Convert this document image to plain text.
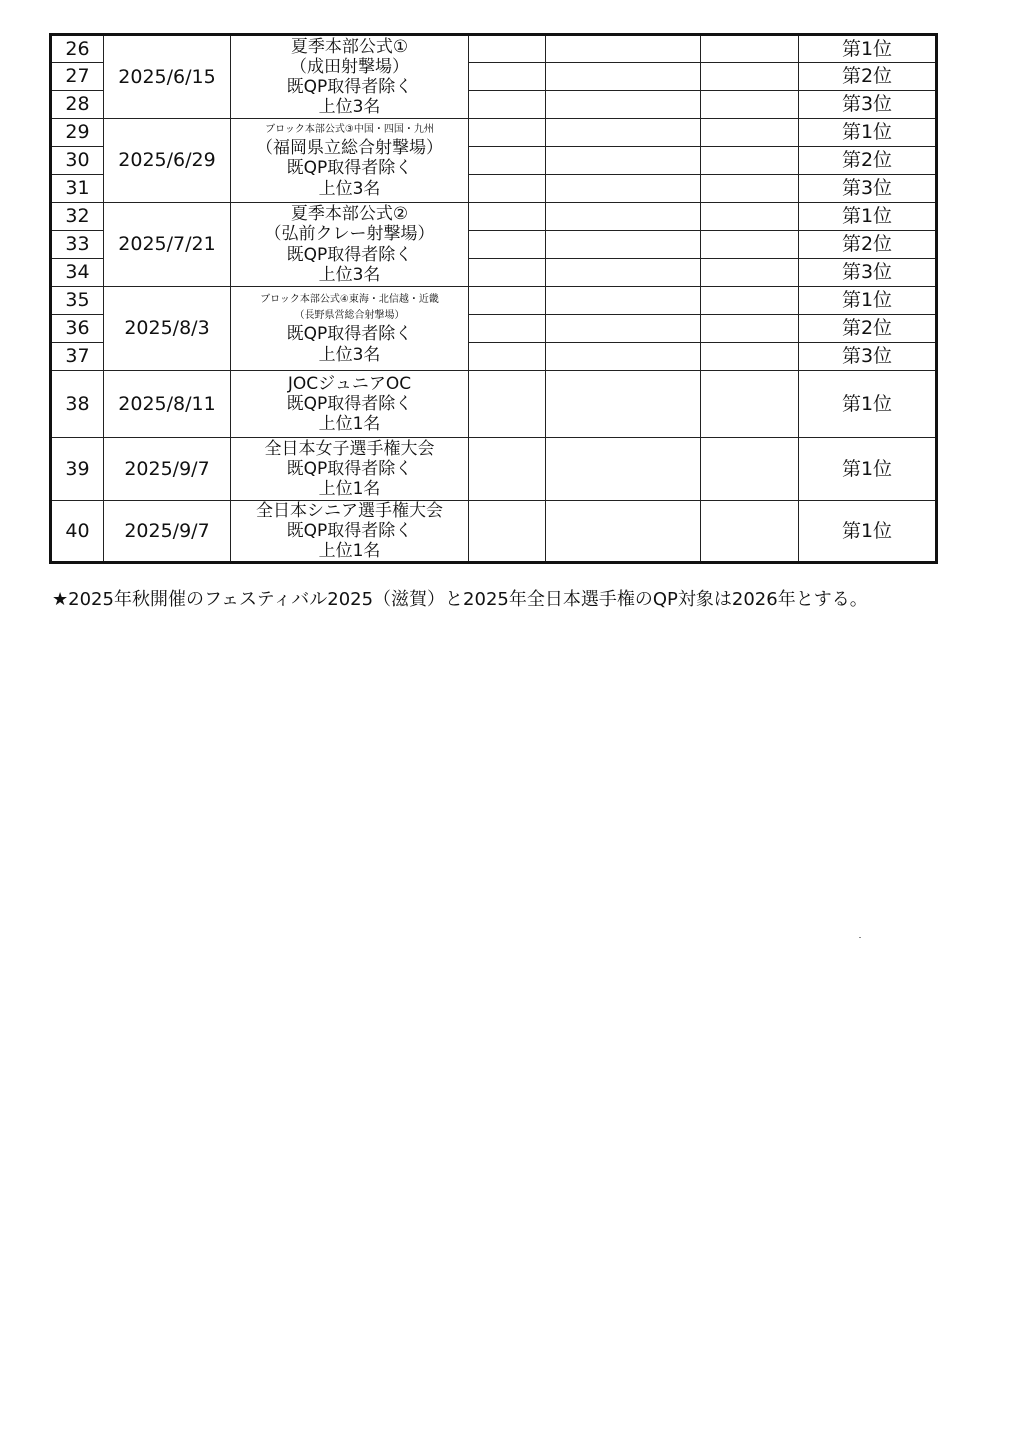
26	2025/6/15	夏季本部公式①
（成田射撃場）
既QP取得者除く
上位3名				第1位
27						第2位
28						第3位
29	2025/6/29	ブロック本部公式③中国・四国・九州
（福岡県立総合射撃場）
既QP取得者除く
上位3名				第1位
30						第2位
31						第3位
32	2025/7/21	夏季本部公式②
（弘前クレー射撃場）
既QP取得者除く
上位3名				第1位
33						第2位
34						第3位
35	2025/8/3	ブロック本部公式④東海・北信越・近畿
（長野県営総合射撃場）
既QP取得者除く
上位3名				第1位
36						第2位
37						第3位
38	2025/8/11	JOCジュニアOC
既QP取得者除く
上位1名				第1位
39	2025/9/7	全日本女子選手権大会
既QP取得者除く
上位1名				第1位
40	2025/9/7	全日本シニア選手権大会
既QP取得者除く
上位1名				第1位
★2025年秋開催のフェスティバル2025（滋賀）と2025年全日本選手権のQP対象は2026年とする。
